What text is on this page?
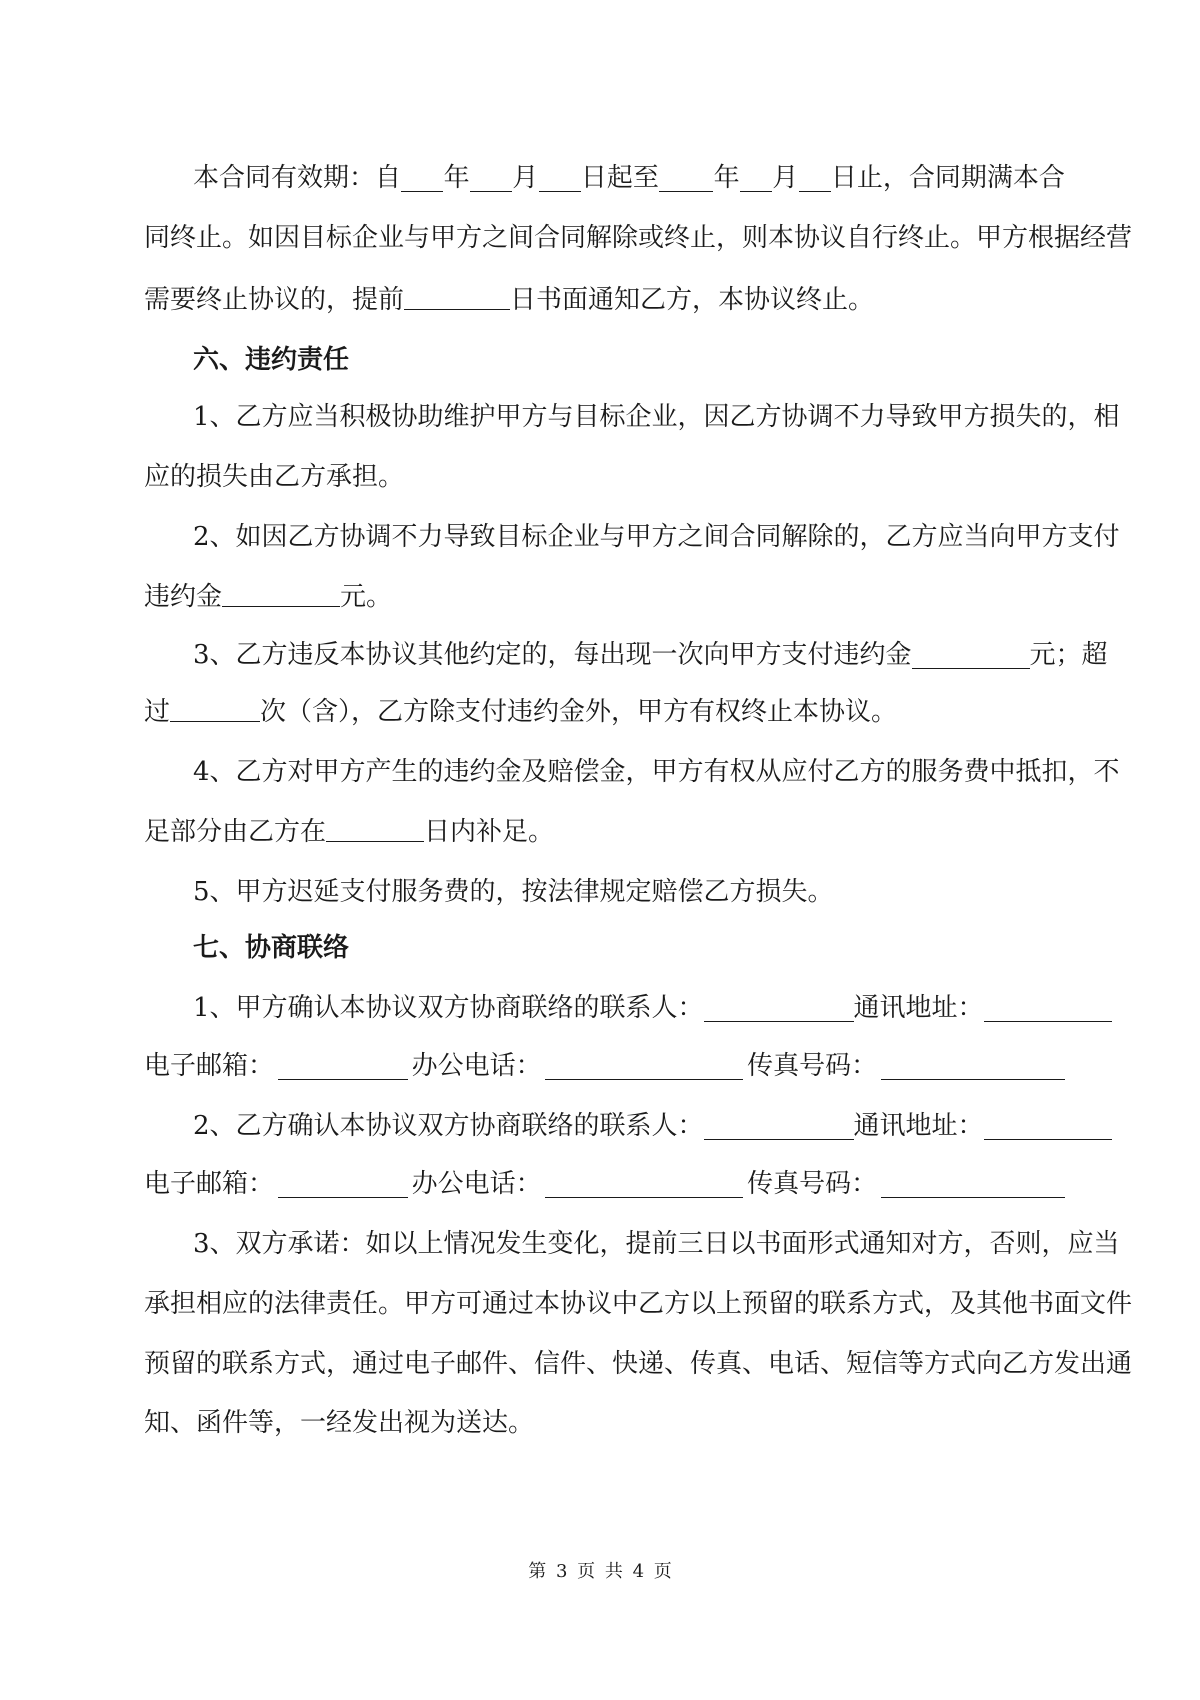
本合同有效期：自 年 月 日起至 年 月 日止，合同期满本合
同终止。如因目标企业与甲方之间合同解除或终止，则本协议自行终止。甲方根据经营
需要终止协议的，提前	日书面通知乙方，本协议终止。
六、违约责任
1、乙方应当积极协助维护甲方与目标企业，因乙方协调不力导致甲方损失的，相
应的损失由乙方承担。
2、如因乙方协调不力导致目标企业与甲方之间合同解除的，乙方应当向甲方支付
违约金	元。
3、乙方违反本协议其他约定的，每出现一次向甲方支付违约金	元；超
过	次（含），乙方除支付违约金外，甲方有权终止本协议。
4、乙方对甲方产生的违约金及赔偿金，甲方有权从应付乙方的服务费中抵扣，不
足部分由乙方在	日内补足。
5、甲方迟延支付服务费的，按法律规定赔偿乙方损失。
七、协商联络
1、甲方确认本协议双方协商联络的联系人：	通讯地址：
电子邮箱：	办公电话：	传真号码：
2、乙方确认本协议双方协商联络的联系人：	通讯地址：
电子邮箱：	办公电话：	传真号码：
3、双方承诺：如以上情况发生变化，提前三日以书面形式通知对方，否则，应当
承担相应的法律责任。甲方可通过本协议中乙方以上预留的联系方式，及其他书面文件
预留的联系方式，通过电子邮件、信件、快递、传真、电话、短信等方式向乙方发出通
知、函件等，一经发出视为送达。
第 3 页 共 4 页
